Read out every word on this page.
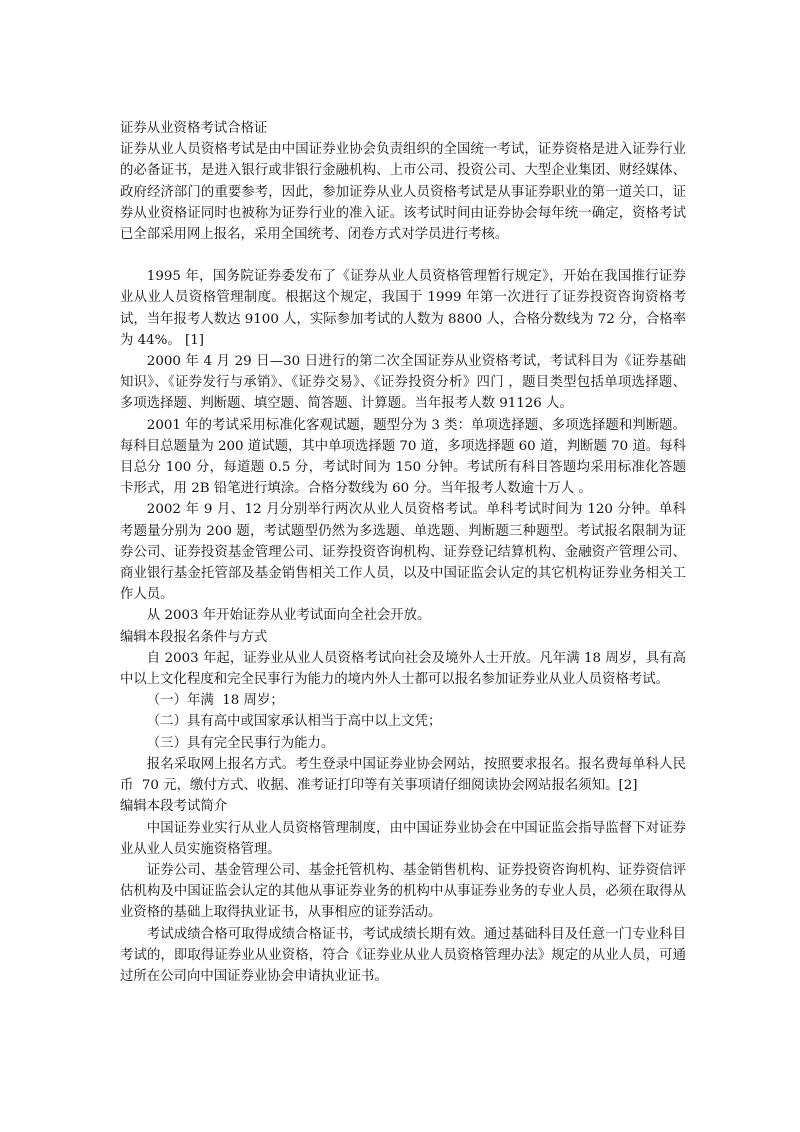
证券从业资格考试合格证

证券从业人员资格考试是由中国证券业协会负责组织的全国统一考试，证券资格是进入证券行业的必备证书，是进入银行或非银行金融机构、上市公司、投资公司、大型企业集团、财经媒体、政府经济部门的重要参考，因此，参加证券从业人员资格考试是从事证券职业的第一道关口，证券从业资格证同时也被称为证券行业的准入证。该考试时间由证券协会每年统一确定，资格考试已全部采用网上报名，采用全国统考、闭卷方式对学员进行考核。

1995 年，国务院证券委发布了《证券从业人员资格管理暂行规定》，开始在我国推行证券业从业人员资格管理制度。根据这个规定，我国于 1999 年第一次进行了证券投资咨询资格考试，当年报考人数达 9100 人，实际参加考试的人数为 8800 人，合格分数线为 72 分，合格率为 44%。 [1]

2000 年 4 月 29 日—30 日进行的第二次全国证券从业资格考试，考试科目为《证券基础知识》、《证券发行与承销》、《证券交易》、《证券投资分析》四门 ，题目类型包括单项选择题、多项选择题、判断题、填空题、简答题、计算题。当年报考人数 91126 人。

2001 年的考试采用标准化客观试题，题型分为 3 类：单项选择题、多项选择题和判断题。每科目总题量为 200 道试题，其中单项选择题 70 道，多项选择题 60 道，判断题 70 道。每科目总分 100 分，每道题 0.5 分，考试时间为 150 分钟。考试所有科目答题均采用标准化答题卡形式，用 2B 铅笔进行填涂。合格分数线为 60 分。当年报考人数逾十万人 。

2002 年 9 月、12 月分别举行两次从业人员资格考试。单科考试时间为 120 分钟。单科考题量分别为 200 题，考试题型仍然为多选题、单选题、判断题三种题型。考试报名限制为证券公司、证券投资基金管理公司、证券投资咨询机构、证券登记结算机构、金融资产管理公司、商业银行基金托管部及基金销售相关工作人员，以及中国证监会认定的其它机构证券业务相关工作人员。

从 2003 年开始证券从业考试面向全社会开放。

编辑本段报名条件与方式

自 2003 年起，证券业从业人员资格考试向社会及境外人士开放。凡年满 18 周岁，具有高中以上文化程度和完全民事行为能力的境内外人士都可以报名参加证券业从业人员资格考试。

（一）年满  18 周岁；

（二）具有高中或国家承认相当于高中以上文凭；

（三）具有完全民事行为能力。

报名采取网上报名方式。考生登录中国证券业协会网站，按照要求报名。报名费每单科人民币  70 元，缴付方式、收据、准考证打印等有关事项请仔细阅读协会网站报名须知。[2]

编辑本段考试简介

中国证券业实行从业人员资格管理制度，由中国证券业协会在中国证监会指导监督下对证券业从业人员实施资格管理。

证券公司、基金管理公司、基金托管机构、基金销售机构、证券投资咨询机构、证券资信评估机构及中国证监会认定的其他从事证券业务的机构中从事证券业务的专业人员，必须在取得从业资格的基础上取得执业证书，从事相应的证券活动。

考试成绩合格可取得成绩合格证书，考试成绩长期有效。通过基础科目及任意一门专业科目考试的，即取得证券业从业资格，符合《证券业从业人员资格管理办法》规定的从业人员，可通过所在公司向中国证券业协会申请执业证书。
